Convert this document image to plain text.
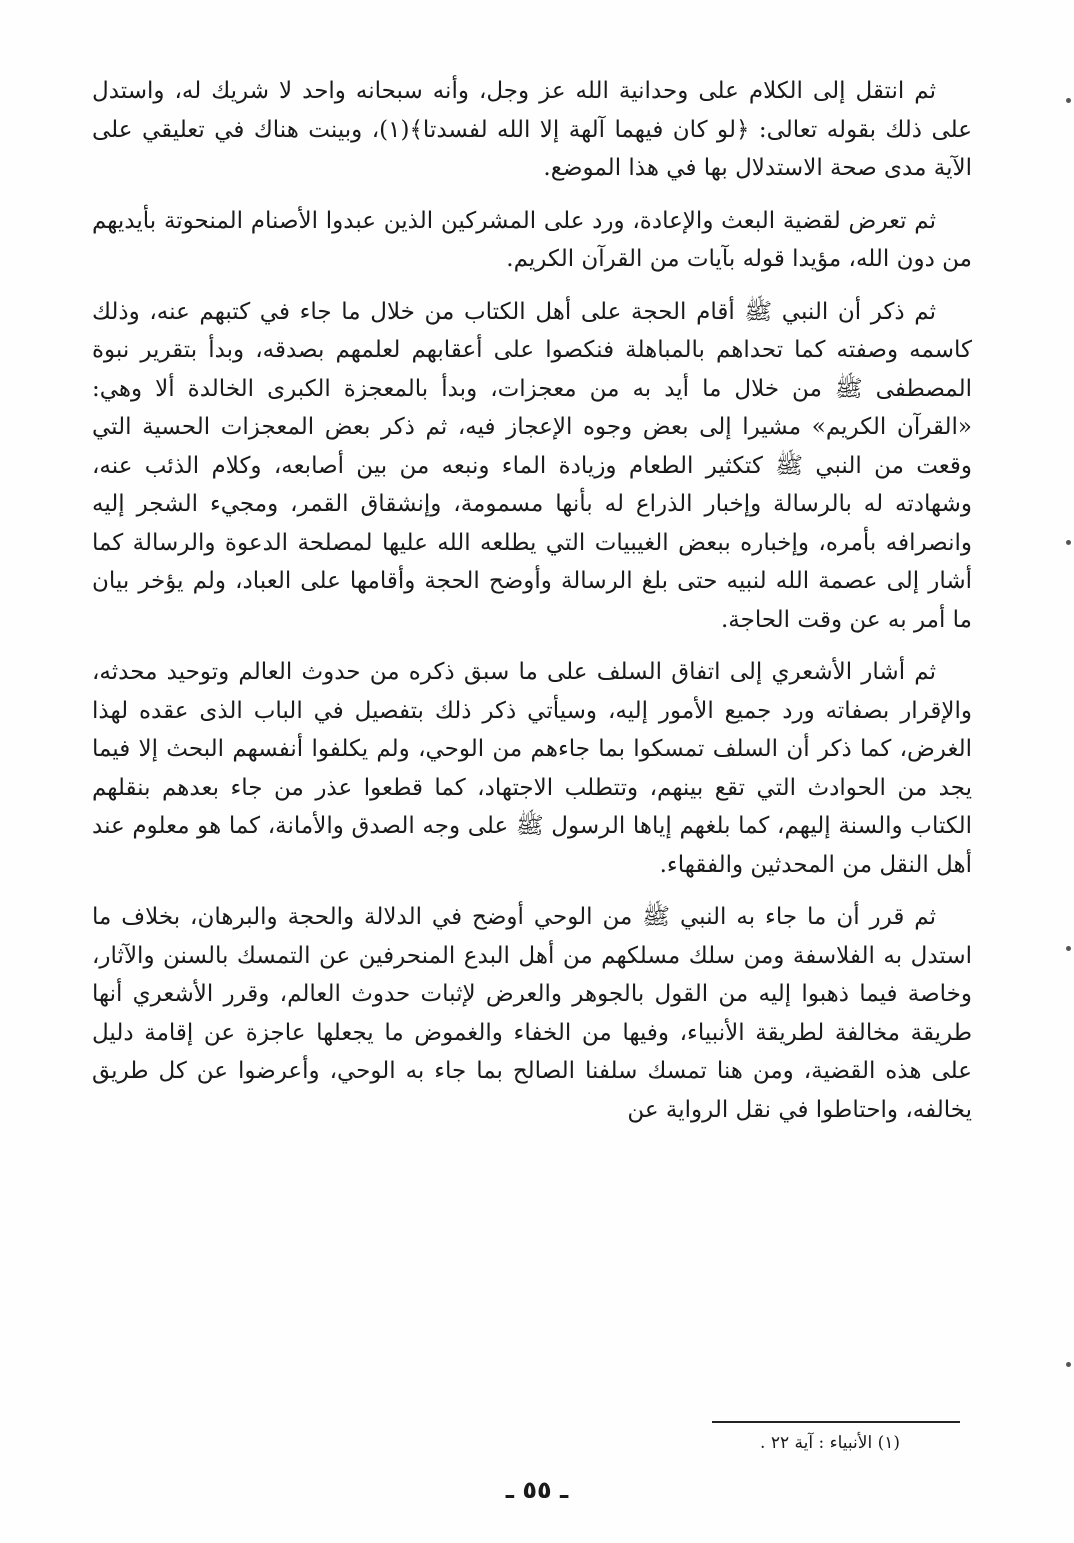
ثم انتقل إلى الكلام على وحدانية الله عز وجل، وأنه سبحانه واحد لا شريك له، واستدل على ذلك بقوله تعالى: ﴿لو كان فيهما آلهة إلا الله لفسدتا﴾(١)، وبينت هناك في تعليقي على الآية مدى صحة الاستدلال بها في هذا الموضع.

ثم تعرض لقضية البعث والإعادة، ورد على المشركين الذين عبدوا الأصنام المنحوتة بأيديهم من دون الله، مؤيدا قوله بآيات من القرآن الكريم.

ثم ذكر أن النبي ﷺ أقام الحجة على أهل الكتاب من خلال ما جاء في كتبهم عنه، وذلك كاسمه وصفته كما تحداهم بالمباهلة فنكصوا على أعقابهم لعلمهم بصدقه، وبدأ بتقرير نبوة المصطفى ﷺ من خلال ما أيد به من معجزات، وبدأ بالمعجزة الكبرى الخالدة ألا وهي: «القرآن الكريم» مشيرا إلى بعض وجوه الإعجاز فيه، ثم ذكر بعض المعجزات الحسية التي وقعت من النبي ﷺ كتكثير الطعام وزيادة الماء ونبعه من بين أصابعه، وكلام الذئب عنه، وشهادته له بالرسالة وإخبار الذراع له بأنها مسمومة، وإنشقاق القمر، ومجيء الشجر إليه وانصرافه بأمره، وإخباره ببعض الغيبيات التي يطلعه الله عليها لمصلحة الدعوة والرسالة كما أشار إلى عصمة الله لنبيه حتى بلغ الرسالة وأوضح الحجة وأقامها على العباد، ولم يؤخر بيان ما أمر به عن وقت الحاجة.

ثم أشار الأشعري إلى اتفاق السلف على ما سبق ذكره من حدوث العالم وتوحيد محدثه، والإقرار بصفاته ورد جميع الأمور إليه، وسيأتي ذكر ذلك بتفصيل في الباب الذى عقده لهذا الغرض، كما ذكر أن السلف تمسكوا بما جاءهم من الوحي، ولم يكلفوا أنفسهم البحث إلا فيما يجد من الحوادث التي تقع بينهم، وتتطلب الاجتهاد، كما قطعوا عذر من جاء بعدهم بنقلهم الكتاب والسنة إليهم، كما بلغهم إياها الرسول ﷺ على وجه الصدق والأمانة، كما هو معلوم عند أهل النقل من المحدثين والفقهاء.

ثم قرر أن ما جاء به النبي ﷺ من الوحي أوضح في الدلالة والحجة والبرهان، بخلاف ما استدل به الفلاسفة ومن سلك مسلكهم من أهل البدع المنحرفين عن التمسك بالسنن والآثار، وخاصة فيما ذهبوا إليه من القول بالجوهر والعرض لإثبات حدوث العالم، وقرر الأشعري أنها طريقة مخالفة لطريقة الأنبياء، وفيها من الخفاء والغموض ما يجعلها عاجزة عن إقامة دليل على هذه القضية، ومن هنا تمسك سلفنا الصالح بما جاء به الوحي، وأعرضوا عن كل طريق يخالفه، واحتاطوا في نقل الرواية عن

(١) الأنبياء : آية ٢٢ .
ـ ٥٥ ـ
